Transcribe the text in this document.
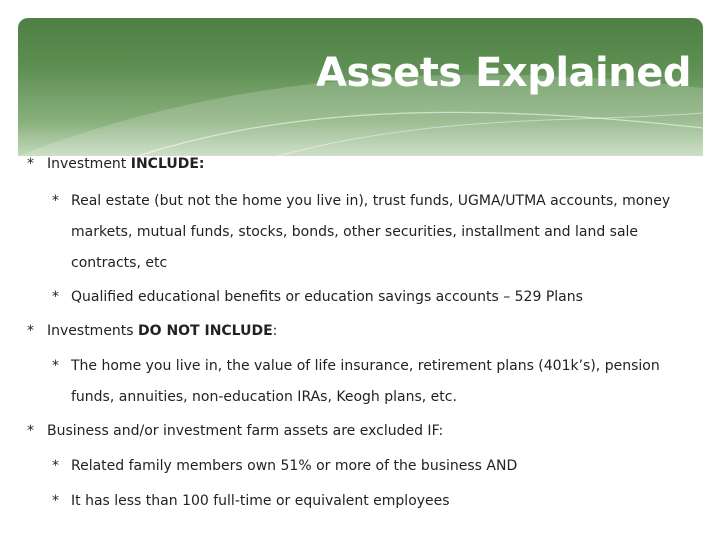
Assets Explained
* Investment INCLUDE:
* Real estate (but not the home you live in), trust funds, UGMA/UTMA accounts, money
markets, mutual funds, stocks, bonds, other securities, installment and land sale
contracts, etc
* Qualified educational benefits or education savings accounts – 529 Plans
* Investments DO NOT INCLUDE:
* The home you live in, the value of life insurance, retirement plans (401k’s), pension
funds, annuities, non-education IRAs, Keogh plans, etc.
* Business and/or investment farm assets are excluded IF:
* Related family members own 51% or more of the business AND
* It has less than 100 full-time or equivalent employees
